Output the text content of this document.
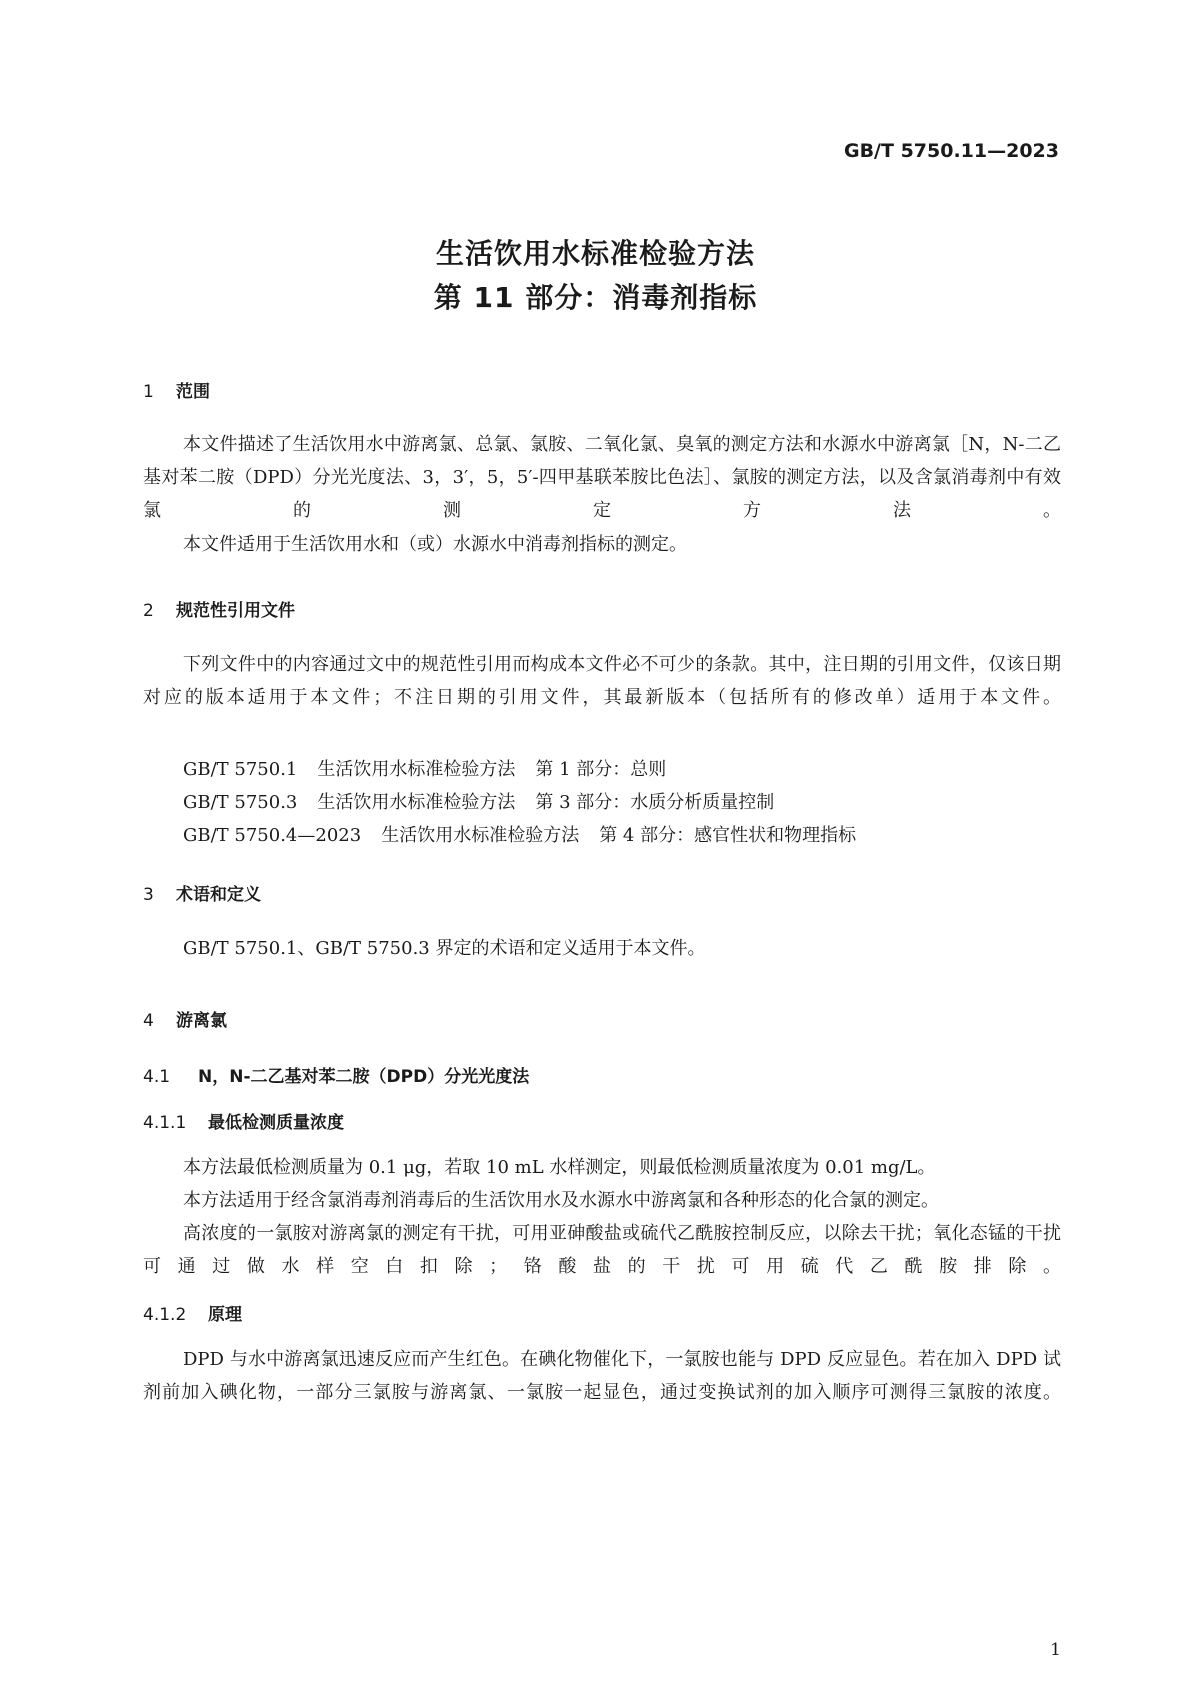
GB/T 5750.11—2023
生活饮用水标准检验方法
第 11 部分：消毒剂指标
1 范围
本文件描述了生活饮用水中游离氯、总氯、氯胺、二氧化氯、臭氧的测定方法和水源水中游离氯［N，N-二乙基对苯二胺（DPD）分光光度法、3，3′，5，5′-四甲基联苯胺比色法］、氯胺的测定方法，以及含氯消毒剂中有效氯的测定方法。
本文件适用于生活饮用水和（或）水源水中消毒剂指标的测定。
2 规范性引用文件
下列文件中的内容通过文中的规范性引用而构成本文件必不可少的条款。其中，注日期的引用文件，仅该日期对应的版本适用于本文件；不注日期的引用文件，其最新版本（包括所有的修改单）适用于本文件。
GB/T 5750.1 生活饮用水标准检验方法 第 1 部分：总则
GB/T 5750.3 生活饮用水标准检验方法 第 3 部分：水质分析质量控制
GB/T 5750.4—2023 生活饮用水标准检验方法 第 4 部分：感官性状和物理指标
3 术语和定义
GB/T 5750.1、GB/T 5750.3 界定的术语和定义适用于本文件。
4 游离氯
4.1 N，N-二乙基对苯二胺（DPD）分光光度法
4.1.1 最低检测质量浓度
本方法最低检测质量为 0.1 μg，若取 10 mL 水样测定，则最低检测质量浓度为 0.01 mg/L。
本方法适用于经含氯消毒剂消毒后的生活饮用水及水源水中游离氯和各种形态的化合氯的测定。
高浓度的一氯胺对游离氯的测定有干扰，可用亚砷酸盐或硫代乙酰胺控制反应，以除去干扰；氧化态锰的干扰可通过做水样空白扣除；铬酸盐的干扰可用硫代乙酰胺排除。
4.1.2 原理
DPD 与水中游离氯迅速反应而产生红色。在碘化物催化下，一氯胺也能与 DPD 反应显色。若在加入 DPD 试剂前加入碘化物，一部分三氯胺与游离氯、一氯胺一起显色，通过变换试剂的加入顺序可测得三氯胺的浓度。
1
